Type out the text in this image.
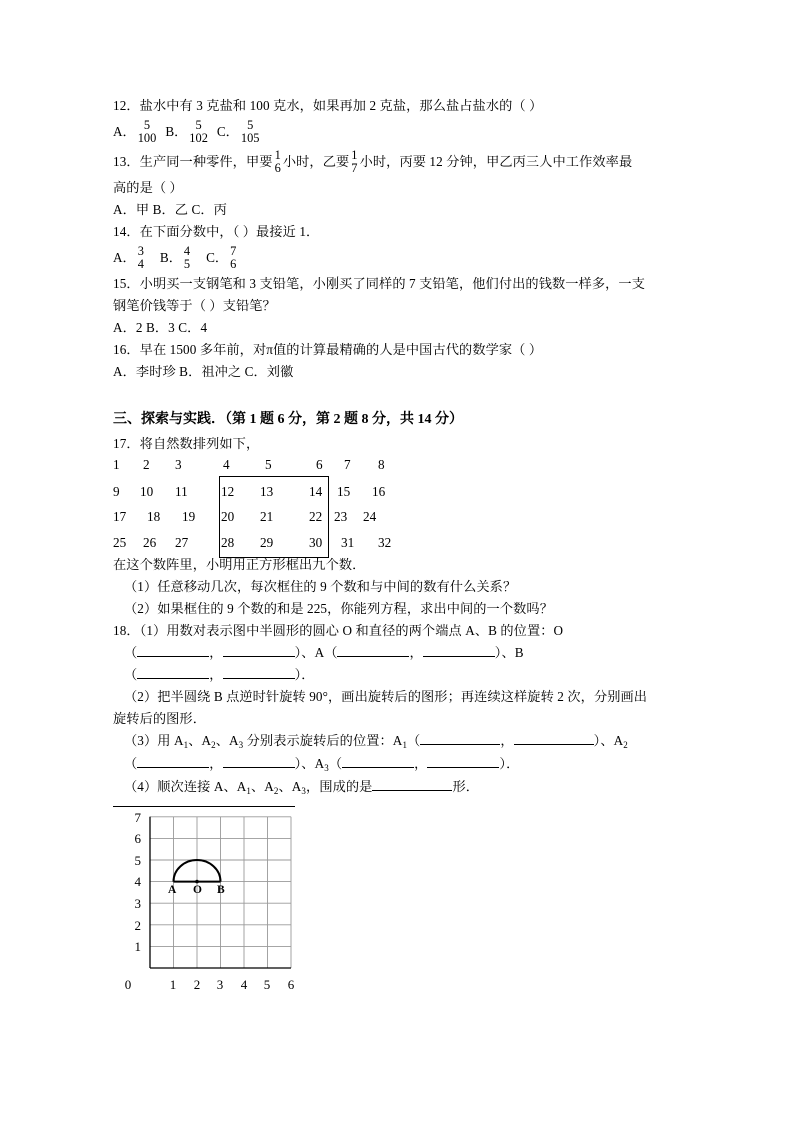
12．盐水中有 3 克盐和 100 克水，如果再加 2 克盐，那么盐占盐水的（ ）
A． 5
100 B． 5
102 C． 5
105
13．生产同一种零件，甲要 1
6 小时，乙要 1
7 小时，丙要 12 分钟，甲乙丙三人中工作效率最
高的是（ ）
A．甲 B．乙 C．丙
14．在下面分数中，（ ）最接近 1．
A． 3
4 B． 4
5 C． 7
6
15．小明买一支钢笔和 3 支铅笔，小刚买了同样的 7 支铅笔，他们付出的钱数一样多，一支
钢笔价钱等于（ ）支铅笔？
A．2 B．3 C．4
16．早在 1500 多年前，对π值的计算最精确的人是中国古代的数学家（ ）
A．李时珍 B．祖冲之 C．刘徽
三、探索与实践．（第 1 题 6 分，第 2 题 8 分，共 14 分）
17．将自然数排列如下，
1 2 3	4	5	6 7 8
9 10 11	12 13	14 15 16
17 18 19 20 21	22 23 24
25 26 27 28 29	30 31 32
在这个数阵里，小明用正方形框出九个数．
（1）任意移动几次，每次框住的 9 个数和与中间的数有什么关系？
（2）如果框住的 9 个数的和是 225，你能列方程，求出中间的一个数吗？
18．（1）用数对表示图中半圆形的圆心 O 和直径的两个端点 A、B 的位置：O
（	，	）、A（	，	）、B
（	，	）．
（2）把半圆绕 B 点逆时针旋转 90°，画出旋转后的图形；再连续这样旋转 2 次，分别画出
旋转后的图形．
（3）用 $A_1$、$A_2$、$A_3$ 分别表示旋转后的位置：$A_1$（	，	）、$A_2$
（	，	）、$A_3$（	，	）．
（4）顺次连接 A、$A_1$、$A_2$、$A_3$，围成的是	形．
7
6
5
4
3
2
1
0	1 2 3 4 5 6
A O B
